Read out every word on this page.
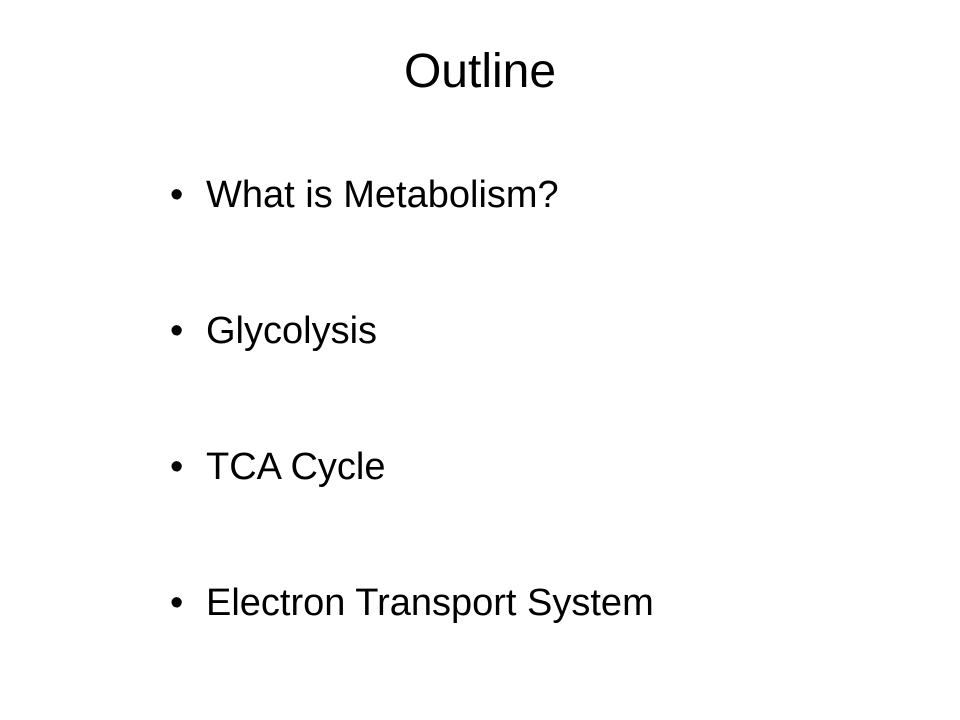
Outline
• What is Metabolism?
• Glycolysis
• TCA Cycle
• Electron Transport System
